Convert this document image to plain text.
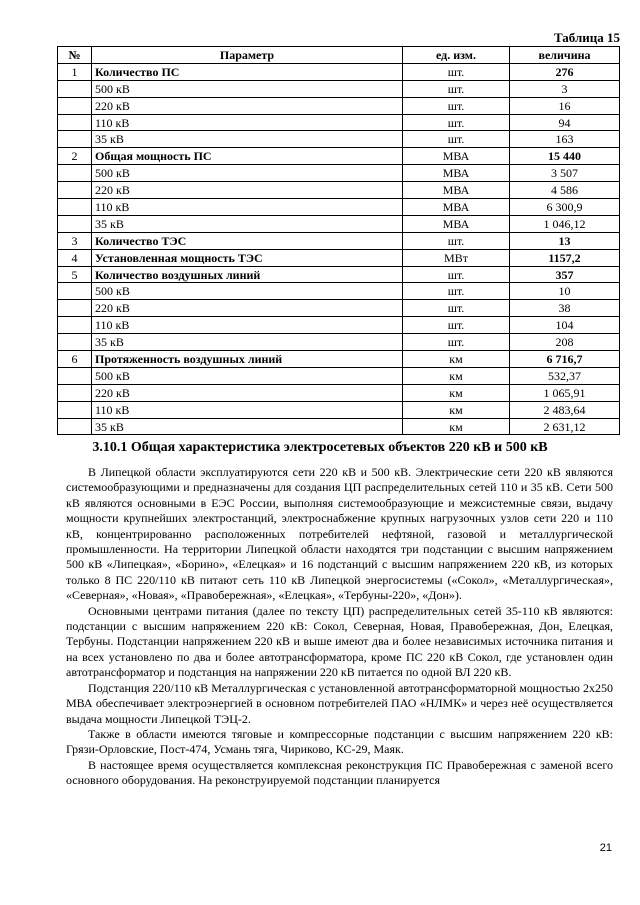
Таблица 15
№	Параметр	ед. изм.	величина
1	Количество ПС	шт.	276
	500 кВ	шт.	3
	220 кВ	шт.	16
	110 кВ	шт.	94
	35 кВ	шт.	163
2	Общая мощность ПС	МВА	15 440
	500 кВ	МВА	3 507
	220 кВ	МВА	4 586
	110 кВ	МВА	6 300,9
	35 кВ	МВА	1 046,12
3	Количество ТЭС	шт.	13
4	Установленная мощность ТЭС	МВт	1157,2
5	Количество воздушных линий	шт.	357
	500 кВ	шт.	10
	220 кВ	шт.	38
	110 кВ	шт.	104
	35 кВ	шт.	208
6	Протяженность воздушных линий	км	6 716,7
	500 кВ	км	532,37
	220 кВ	км	1 065,91
	110 кВ	км	2 483,64
	35 кВ	км	2 631,12
3.10.1 Общая характеристика электросетевых объектов 220 кВ и 500 кВ

В Липецкой области эксплуатируются сети 220 кВ и 500 кВ. Электрические сети 220 кВ являются системообразующими и предназначены для создания ЦП распределительных сетей 110 и 35 кВ. Сети 500 кВ являются основными в ЕЭС России, выполняя системообразующие и межсистемные связи, выдачу мощности крупнейших электростанций, электроснабжение крупных нагрузочных узлов сети 220 и 110 кВ, концентрированно расположенных потребителей нефтяной, газовой и металлургической промышленности. На территории Липецкой области находятся три подстанции с высшим напряжением 500 кВ «Липецкая», «Борино», «Елецкая» и 16 подстанций с высшим напряжением 220 кВ, из которых только 8 ПС 220/110 кВ питают сеть 110 кВ Липецкой энергосистемы («Сокол», «Металлургическая», «Северная», «Новая», «Правобережная», «Елецкая», «Тербуны-220», «Дон»).

Основными центрами питания (далее по тексту ЦП) распределительных сетей 35-110 кВ являются: подстанции с высшим напряжением 220 кВ: Сокол, Северная, Новая, Правобережная, Дон, Елецкая, Тербуны. Подстанции напряжением 220 кВ и выше имеют два и более независимых источника питания и на всех установлено по два и более автотрансформатора, кроме ПС 220 кВ Сокол, где установлен один автотрансформатор и подстанция на напряжении 220 кВ питается по одной ВЛ 220 кВ.

Подстанция 220/110 кВ Металлургическая с установленной автотрансформаторной мощностью 2х250 МВА обеспечивает электроэнергией в основном потребителей ПАО «НЛМК» и через неё осуществляется выдача мощности Липецкой ТЭЦ-2.

Также в области имеются тяговые и компрессорные подстанции с высшим напряжением 220 кВ: Грязи-Орловские, Пост-474, Усмань тяга, Чириково, КС-29, Маяк.

В настоящее время осуществляется комплексная реконструкция ПС Правобережная с заменой всего основного оборудования. На реконструируемой подстанции планируется

21
